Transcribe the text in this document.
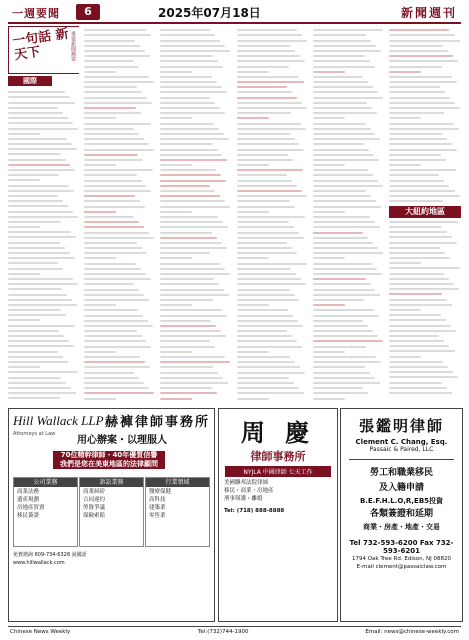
一週要聞	6	2025年07月18日	新聞週刊
一句話 新天下	重要新聞摘要
國際
大紐約地區
Hill Wallack LLP
Attorneys at Law
赫褲律師事務所
用心辦案・以理服人
70位精幹律師・40年優質信譽
我們是您在美東地區的法律顧問
公司業務
商業法務
遺產規劃
房地產買賣
移民簽證
訴訟業務
商業糾紛
合同違約
勞資爭議
保險索賠
行業領域
醫療保健
高科技
建築業
零售業
免費諮詢 609-734-6328 說國語
www.hillwallack.com
周 慶
律師事務所
NYJLA 中國律師 七天工作
美國聯邦法院律師
移民・商業・房地產
刑事辯護・離婚
Tel: (718) 888-8888
張鑑明律師
Clement C. Chang, Esq.
Passaic & Paired, LLC
勞工和職業移民
及入籍申請
B.E.F.H.L.O,R,EB5投資
各類簽證和延期
商業・房產・地產・交易
Tel 732-593-6200 Fax 732-593-6201
1794 Oak Tree Rd. Edison, NJ 08820
E-mail clement@passaiclaw.com
Chinese News Weekly	Tel:(732)744-1900	Email: news@chinese-weekly.com
